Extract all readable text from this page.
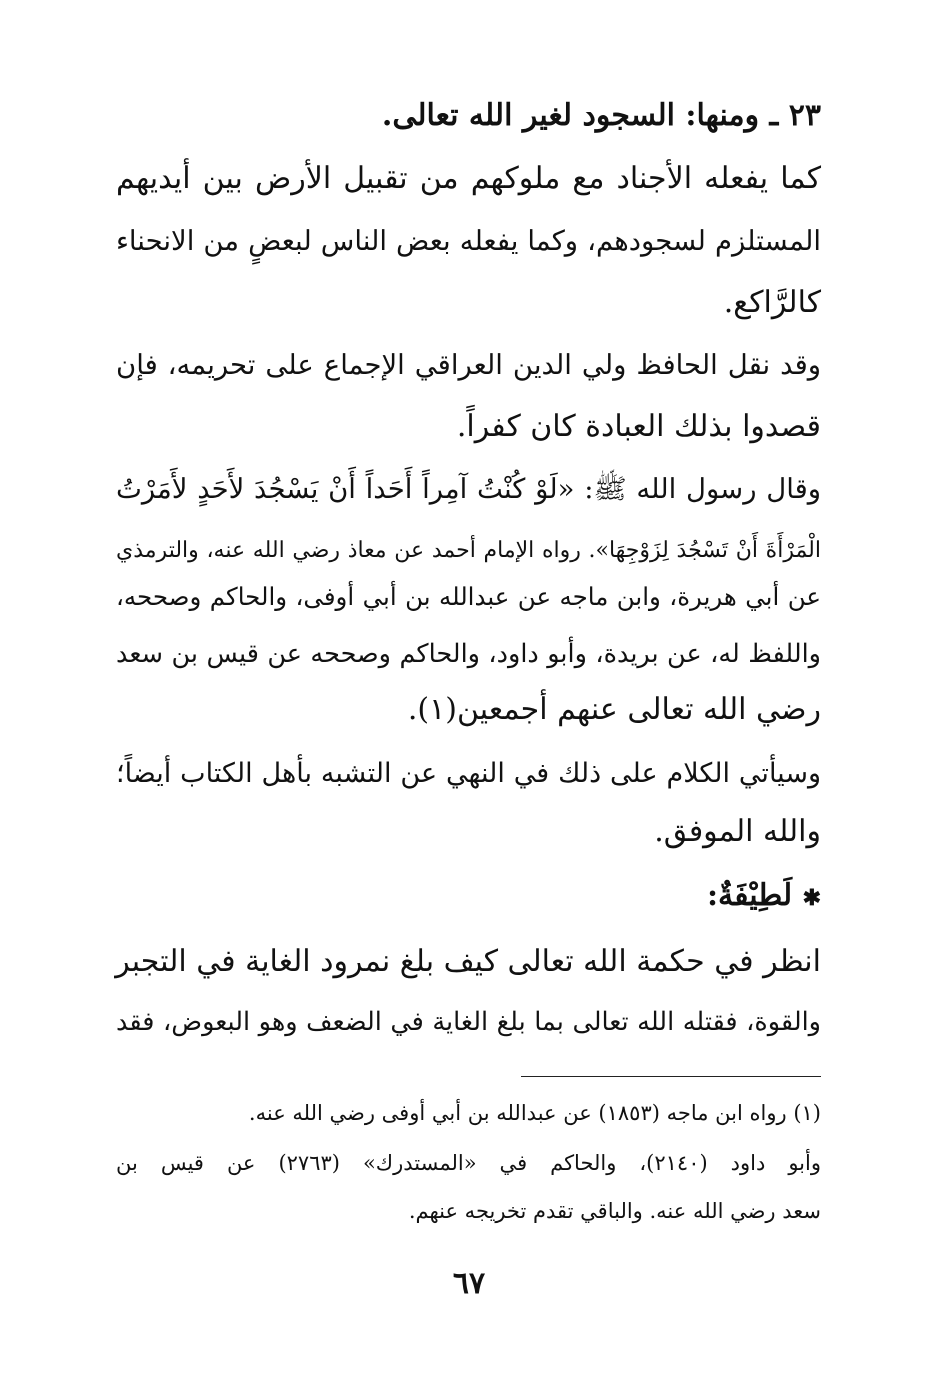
٢٣ ـ ومنها: السجود لغير الله تعالى.

كما يفعله الأجناد مع ملوكهم من تقبيل الأرض بين أيديهم

المستلزم لسجودهم، وكما يفعله بعض الناس لبعضٍ من الانحناء

كالرَّاكع.

وقد نقل الحافظ ولي الدين العراقي الإجماع على تحريمه، فإن

قصدوا بذلك العبادة كان كفراً.

وقال رسول الله ﷺ: «لَوْ كُنْتُ آمِراً أَحَداً أَنْ يَسْجُدَ لأَحَدٍ لأَمَرْتُ

الْمَرْأَةَ أَنْ تَسْجُدَ لِزَوْجِهَا». رواه الإمام أحمد عن معاذ رضي الله عنه، والترمذي

عن أبي هريرة، وابن ماجه عن عبدالله بن أبي أوفى، والحاكم وصححه،

واللفظ له، عن بريدة، وأبو داود، والحاكم وصححه عن قيس بن سعد

رضي الله تعالى عنهم أجمعين(١).

وسيأتي الكلام على ذلك في النهي عن التشبه بأهل الكتاب أيضاً؛

والله الموفق.

✱ لَطِيْفَةٌ:

انظر في حكمة الله تعالى كيف بلغ نمرود الغاية في التجبر

والقوة، فقتله الله تعالى بما بلغ الغاية في الضعف وهو البعوض، فقد

(١) رواه ابن ماجه (١٨٥٣) عن عبدالله بن أبي أوفى رضي الله عنه.

وأبو داود (٢١٤٠)، والحاكم في «المستدرك» (٢٧٦٣) عن قيس بن

سعد رضي الله عنه. والباقي تقدم تخريجه عنهم.

٦٧
